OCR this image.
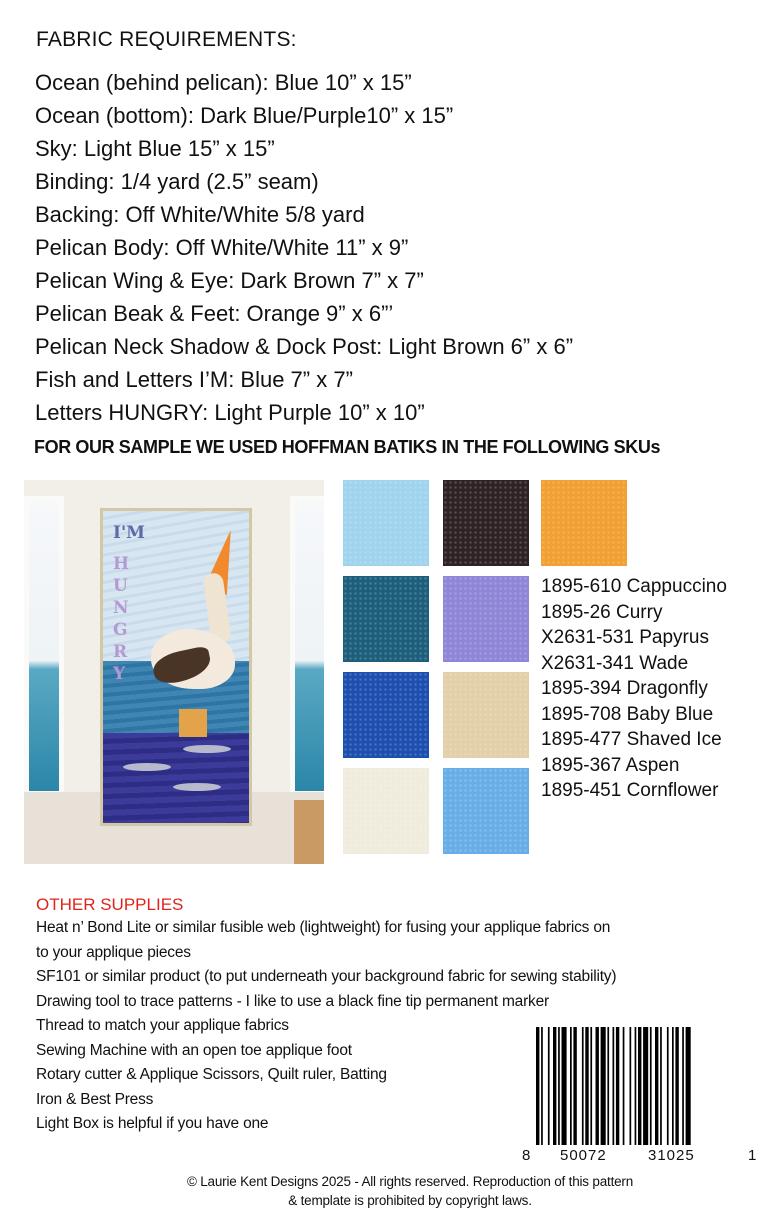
FABRIC REQUIREMENTS:
Ocean (behind pelican): Blue 10” x 15”
Ocean (bottom): Dark Blue/Purple10” x 15”
Sky: Light Blue 15” x 15”
Binding: 1/4 yard (2.5” seam)
Backing: Off White/White 5/8 yard
Pelican Body: Off White/White 11” x 9”
Pelican Wing & Eye: Dark Brown 7” x 7”
Pelican Beak & Feet: Orange 9” x 6”’
Pelican Neck Shadow & Dock Post: Light Brown 6” x 6”
Fish and Letters I’M: Blue 7” x 7”
Letters HUNGRY: Light Purple 10” x 10”
FOR OUR SAMPLE WE USED HOFFMAN BATIKS IN THE FOLLOWING SKUs
I'M
HUNGRY
1895-610 Cappuccino
1895-26 Curry
X2631-531 Papyrus
X2631-341 Wade
1895-394 Dragonfly
1895-708 Baby Blue
1895-477 Shaved Ice
1895-367 Aspen
1895-451 Cornflower
OTHER SUPPLIES
Heat n’ Bond Lite or similar fusible web (lightweight) for fusing your applique fabrics on
to your applique pieces
SF101 or similar product (to put underneath your background fabric for sewing stability)
Drawing tool to trace patterns - I like to use a black fine tip permanent marker
Thread to match your applique fabrics
Sewing Machine with an open toe applique foot
Rotary cutter & Applique Scissors, Quilt ruler, Batting
Iron & Best Press
Light Box is helpful if you have one
8 50072	31025	1
© Laurie Kent Designs 2025 - All rights reserved. Reproduction of this pattern
& template is prohibited by copyright laws.
